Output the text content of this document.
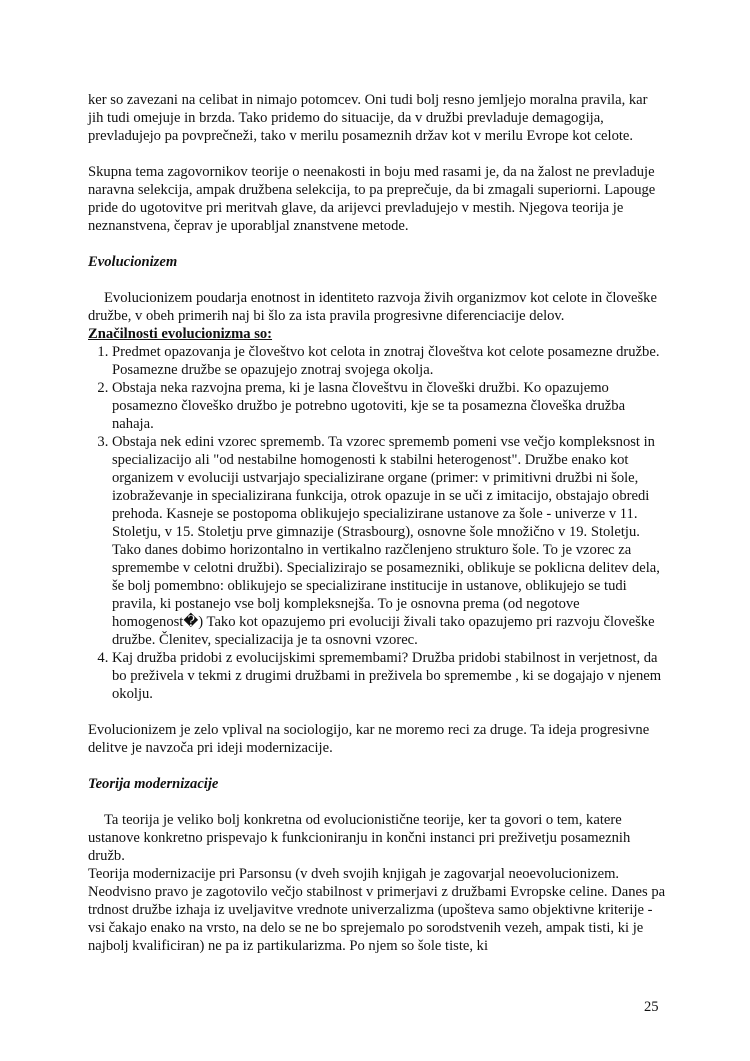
ker so zavezani na celibat in nimajo potomcev. Oni tudi bolj resno jemljejo moralna pravila, kar jih tudi omejuje in brzda. Tako pridemo do situacije, da v družbi prevladuje demagogija, prevladujejo pa povprečneži, tako v merilu posameznih držav kot v merilu Evrope kot celote.

Skupna tema zagovornikov teorije o neenakosti in boju med rasami je, da na žalost ne prevladuje naravna selekcija, ampak družbena selekcija, to pa preprečuje, da bi zmagali superiorni. Lapouge pride do ugotovitve pri meritvah glave, da arijevci prevladujejo v mestih. Njegova teorija je neznanstvena, čeprav je uporabljal znanstvene metode.

Evolucionizem

Evolucionizem poudarja enotnost in identiteto razvoja živih organizmov kot celote in človeške družbe, v obeh primerih naj bi šlo za ista pravila progresivne diferenciacije delov.

Značilnosti evolucionizma so:

1. Predmet opazovanja je človeštvo kot celota in znotraj človeštva kot celote posamezne družbe. Posamezne družbe se opazujejo znotraj svojega okolja.
2. Obstaja neka razvojna prema, ki je lasna človeštvu in človeški družbi. Ko opazujemo posamezno človeško družbo je potrebno ugotoviti, kje se ta posamezna človeška družba nahaja.
3. Obstaja nek edini vzorec sprememb. Ta vzorec sprememb pomeni vse večjo kompleksnost in specializacijo ali "od nestabilne homogenosti k stabilni heterogenost". Družbe enako kot organizem v evoluciji ustvarjajo specializirane organe (primer: v primitivni družbi ni šole, izobraževanje in specializirana funkcija, otrok opazuje in se uči z imitacijo, obstajajo obredi prehoda. Kasneje se postopoma oblikujejo specializirane ustanove za šole - univerze v 11. Stoletju, v 15. Stoletju prve gimnazije (Strasbourg), osnovne šole množično v 19. Stoletju. Tako danes dobimo horizontalno in vertikalno razčlenjeno strukturo šole. To je vzorec za spremembe v celotni družbi). Specializirajo se posamezniki, oblikuje se poklicna delitev dela, še bolj pomembno: oblikujejo se specializirane institucije in ustanove, oblikujejo se tudi pravila, ki postanejo vse bolj kompleksnejša. To je osnovna prema (od negotove homogenost�) Tako kot opazujemo pri evoluciji živali tako opazujemo pri razvoju človeške družbe. Členitev, specializacija je ta osnovni vzorec.
4. Kaj družba pridobi z evolucijskimi spremembami? Družba pridobi stabilnost in verjetnost, da bo preživela v tekmi z drugimi družbami in preživela bo spremembe , ki se dogajajo v njenem okolju.

Evolucionizem je zelo vplival na sociologijo, kar ne moremo reci za druge. Ta ideja progresivne delitve je navzoča pri ideji modernizacije.

Teorija modernizacije

Ta teorija je veliko bolj konkretna od evolucionistične teorije, ker ta govori o tem, katere ustanove konkretno prispevajo k funkcioniranju in končni instanci pri preživetju posameznih družb.

Teorija modernizacije pri Parsonsu (v dveh svojih knjigah je zagovarjal neoevolucionizem. Neodvisno pravo je zagotovilo večjo stabilnost v primerjavi z družbami Evropske celine. Danes pa trdnost družbe izhaja iz uveljavitve vrednote univerzalizma (upošteva samo objektivne kriterije - vsi čakajo enako na vrsto, na delo se ne bo sprejemalo po sorodstvenih vezeh, ampak tisti, ki je najbolj kvalificiran) ne pa iz partikularizma. Po njem so šole tiste, ki

25
